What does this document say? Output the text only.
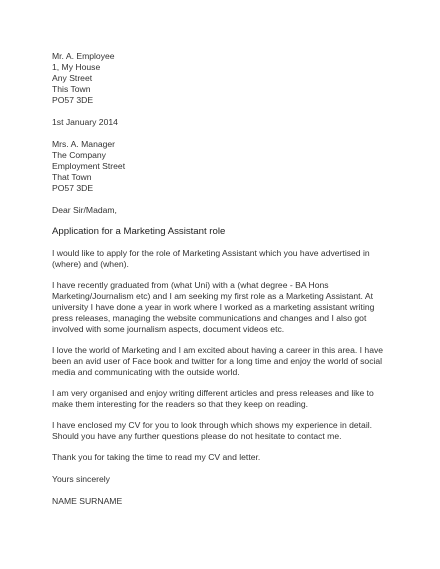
Mr. A. Employee
1, My House
Any Street
This Town
PO57 3DE
1st January 2014
Mrs. A. Manager
The Company
Employment Street
That Town
PO57 3DE
Dear Sir/Madam,
Application for a Marketing Assistant role
I would like to apply for the role of Marketing Assistant which you have advertised in
(where) and (when).
I have recently graduated from (what Uni) with a (what degree - BA Hons
Marketing/Journalism etc) and I am seeking my first role as a Marketing Assistant. At
university I have done a year in work where I worked as a marketing assistant writing
press releases, managing the website communications and changes and I also got
involved with some journalism aspects, document videos etc.
I love the world of Marketing and I am excited about having a career in this area. I have
been an avid user of Face book and twitter for a long time and enjoy the world of social
media and communicating with the outside world.
I am very organised and enjoy writing different articles and press releases and like to
make them interesting for the readers so that they keep on reading.
I have enclosed my CV for you to look through which shows my experience in detail.
Should you have any further questions please do not hesitate to contact me.
Thank you for taking the time to read my CV and letter.
Yours sincerely
NAME SURNAME
